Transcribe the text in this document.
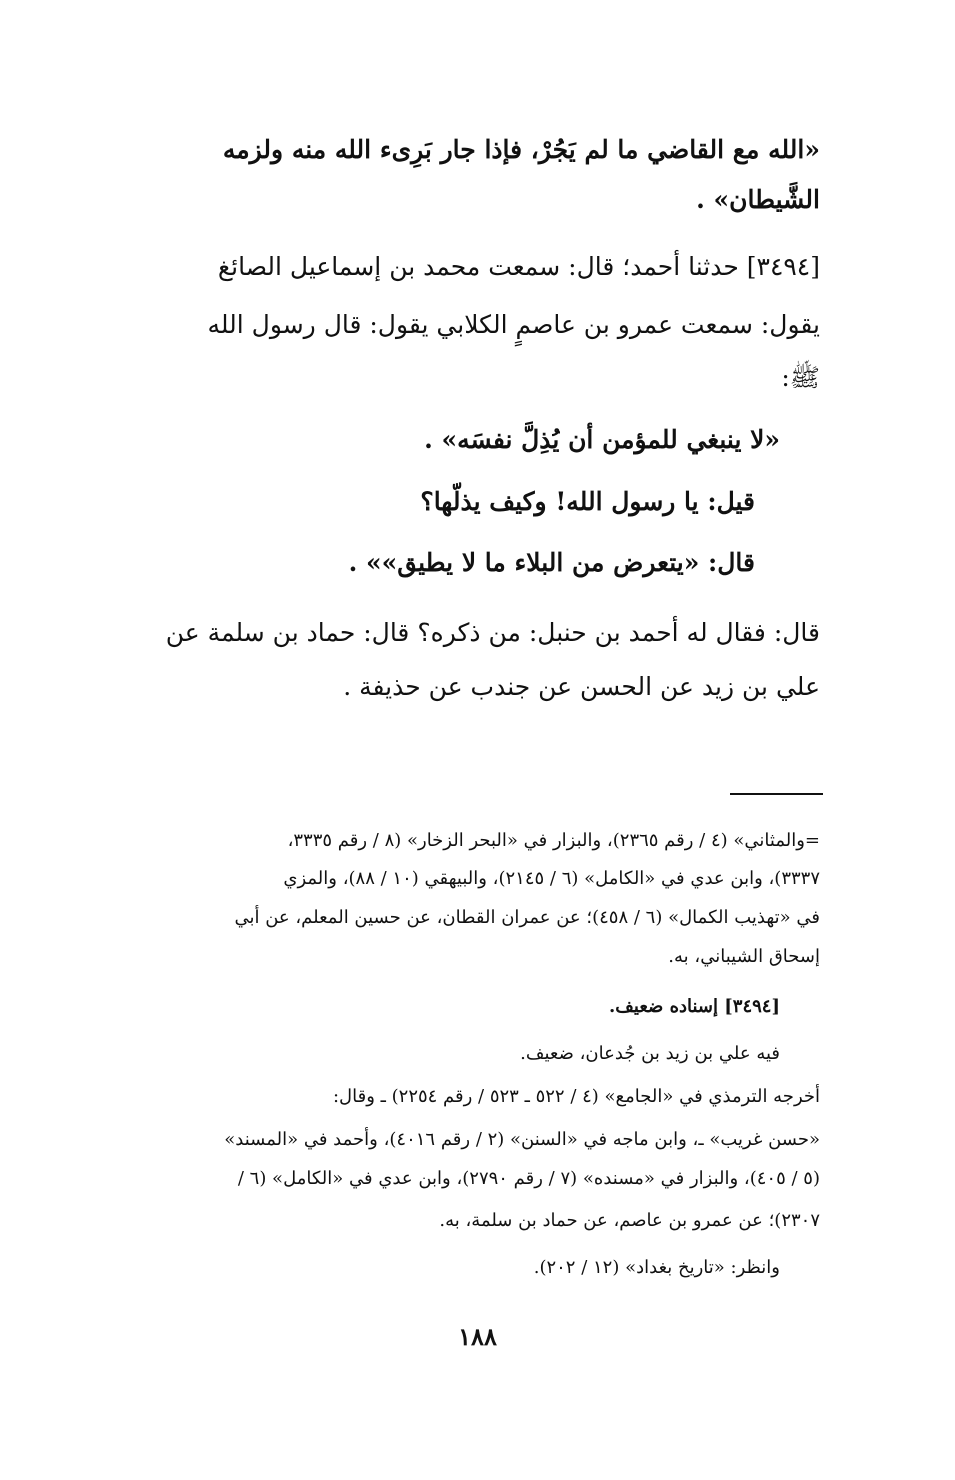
«الله مع القاضي ما لم يَجُرْ، فإذا جار بَرِىء الله منه ولزمه
الشَّيطان» .
[٣٤٩٤] حدثنا أحمد؛ قال: سمعت محمد بن إسماعيل الصائغ
يقول: سمعت عمرو بن عاصمٍ الكلابي يقول: قال رسول الله
ﷺ:
«لا ينبغي للمؤمن أن يُذِلَّ نفسَه» .
قيل: يا رسول الله! وكيف يذلّها؟
قال: «يتعرض من البلاء ما لا يطيق»» .
قال: فقال له أحمد بن حنبل: من ذكره؟ قال: حماد بن سلمة عن
علي بن زيد عن الحسن عن جندب عن حذيفة .
=والمثاني» (٤ / رقم ٢٣٦٥)، والبزار في «البحر الزخار» (٨ / رقم ٣٣٣٥،
٣٣٣٧)، وابن عدي في «الكامل» (٦ / ٢١٤٥)، والبيهقي (١٠ / ٨٨)، والمزي
في «تهذيب الكمال» (٦ / ٤٥٨)؛ عن عمران القطان، عن حسين المعلم، عن أبي
إسحاق الشيباني، به.
[٣٤٩٤] إسناده ضعيف.
فيه علي بن زيد بن جُدعان، ضعيف.
أخرجه الترمذي في «الجامع» (٤ / ٥٢٢ ـ ٥٢٣ / رقم ٢٢٥٤) ـ وقال:
«حسن غريب» ـ، وابن ماجه في «السنن» (٢ / رقم ٤٠١٦)، وأحمد في «المسند»
(٥ / ٤٠٥)، والبزار في «مسنده» (٧ / رقم ٢٧٩٠)، وابن عدي في «الكامل» (٦ /
٢٣٠٧)؛ عن عمرو بن عاصم، عن حماد بن سلمة، به.
وانظر: «تاريخ بغداد» (١٢ / ٢٠٢).
١٨٨
